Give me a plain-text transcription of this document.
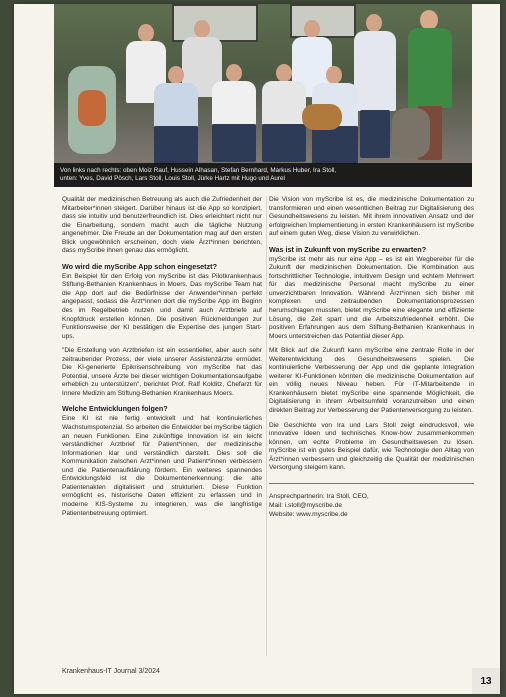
Von links nach rechts: oben Moiz Rauf, Hussein Alhasan, Stefan Bernhard, Markus Huber, Ira Stoll,
unten: Yves, David Pösch, Lars Stoll, Louis Stoll, Jürke Hartz mit Hugo und Aurel

Qualität der medizinischen Betreuung als auch die Zufriedenheit der Mitarbeiter*innen steigert. Darüber hinaus ist die App so konzipiert, dass sie intuitiv und benutzerfreundlich ist. Dies erleichtert nicht nur die Einarbeitung, sondern macht auch die tägliche Nutzung angenehmer. Die Freude an der Dokumentation mag auf den ersten Blick ungewöhnlich erscheinen, doch viele Ärzt*innen berichten, dass myScribe ihnen genau das ermöglicht.

Wo wird die myScribe App schon eingesetzt?

Ein Beispiel für den Erfolg von myScribe ist das Pilotkrankenhaus Stiftung-Bethanien Krankenhaus in Moers. Das myScribe Team hat die App dort auf die Bedürfnisse der Anwender*innen perfekt angepasst, sodass die Ärzt*innen dort die myScribe App im Beginn des im Regelbetrieb nutzen und damit auch Arztbriefe auf Knopfdruck erstellen können. Die positiven Rückmeldungen zur Funktionsweise der KI bestätigen die Expertise des jungen Start-ups.

"Die Erstellung von Arztbriefen ist ein essentieller, aber auch sehr zeitraubender Prozess, der viele unserer Assistenzärzte ermüdet. Die KI-generierte Epikrisenschreibung von myScribe hat das Potential, unsere Ärzte bei dieser wichtigen Dokumentationsaufgabe erheblich zu unterstützen", berichtet Prof. Ralf Kolditz, Chefarzt für Innere Medizin am Stiftung-Bethanien Krankenhaus Moers.

Welche Entwicklungen folgen?

Eine KI ist nie fertig entwickelt und hat kontinuierliches Wachstumspotenzial. So arbeiten die Entwickler bei myScribe täglich an neuen Funktionen. Eine zukünftige Innovation ist ein leicht verständlicher Arztbrief für Patient*innen, der medizinische Informationen klar und verständlich darstellt. Dies soll die Kommunikation zwischen Arzt*innen und Patient*innen verbessern und die Patientenaufklärung fördern. Ein weiteres spannendes Entwicklungsfeld ist die Dokumentenerkennung: die alte Patientenakten digitalisiert und strukturiert. Diese Funktion ermöglicht es, historische Daten effizient zu erfassen und in moderne KIS-Systeme zu integrieren, was die langfristige Patientenbetreuung optimiert.

Die Vision von myScribe ist es, die medizinische Dokumentation zu transformieren und einen wesentlichen Beitrag zur Digitalisierung des Gesundheitswesens zu leisten. Mit ihrem innovativen Ansatz und der erfolgreichen Implementierung in ersten Krankenhäusern ist myScribe auf einem guten Weg, diese Vision zu verwirklichen.

Was ist in Zukunft von myScribe zu erwarten?

myScribe ist mehr als nur eine App – es ist ein Wegbereiter für die Zukunft der medizinischen Dokumentation. Die Kombination aus fortschrittlicher Technologie, intuitivem Design und echtem Mehrwert für das medizinische Personal macht myScribe zu einer unverzichtbaren Innovation. Während Ärzt*innen sich bisher mit komplexen und zeitraubenden Dokumentationsprozessen herumschlagen mussten, bietet myScribe eine elegante und effiziente Lösung, die Zeit spart und die Arbeitszufriedenheit erhöht. Die positiven Erfahrungen aus dem Stiftung-Bethanien Krankenhaus in Moers unterstreichen das Potential dieser App.

Mit Blick auf die Zukunft kann myScribe eine zentrale Rolle in der Weiterentwicklung des Gesundheitswesens spielen. Die kontinuierliche Verbesserung der App und die geplante Integration weiterer KI-Funktionen könnten die medizinische Dokumentation auf ein völlig neues Niveau heben. Für IT-Mitarbeitende in Krankenhäusern bietet myScribe eine spannende Möglichkeit, die Digitalisierung in ihrem Arbeitsumfeld voranzutreiben und einen direkten Beitrag zur Verbesserung der Patientenversorgung zu leisten.

Die Geschichte von Ira und Lars Stoll zeigt eindrucksvoll, wie innovative Ideen und technisches Know-how zusammenkommen können, um echte Probleme im Gesundheitswesen zu lösen. myScribe ist ein gutes Beispiel dafür, wie Technologie den Alltag von Ärzt*innen verbessern und gleichzeitig die Qualität der medizinischen Versorgung steigern kann.

Ansprechpartnerin: Ira Stoll, CEO,
Mail: i.stoll@myscribe.de
Website: www.myscribe.de
Krankenhaus-IT Journal 3/2024
13
